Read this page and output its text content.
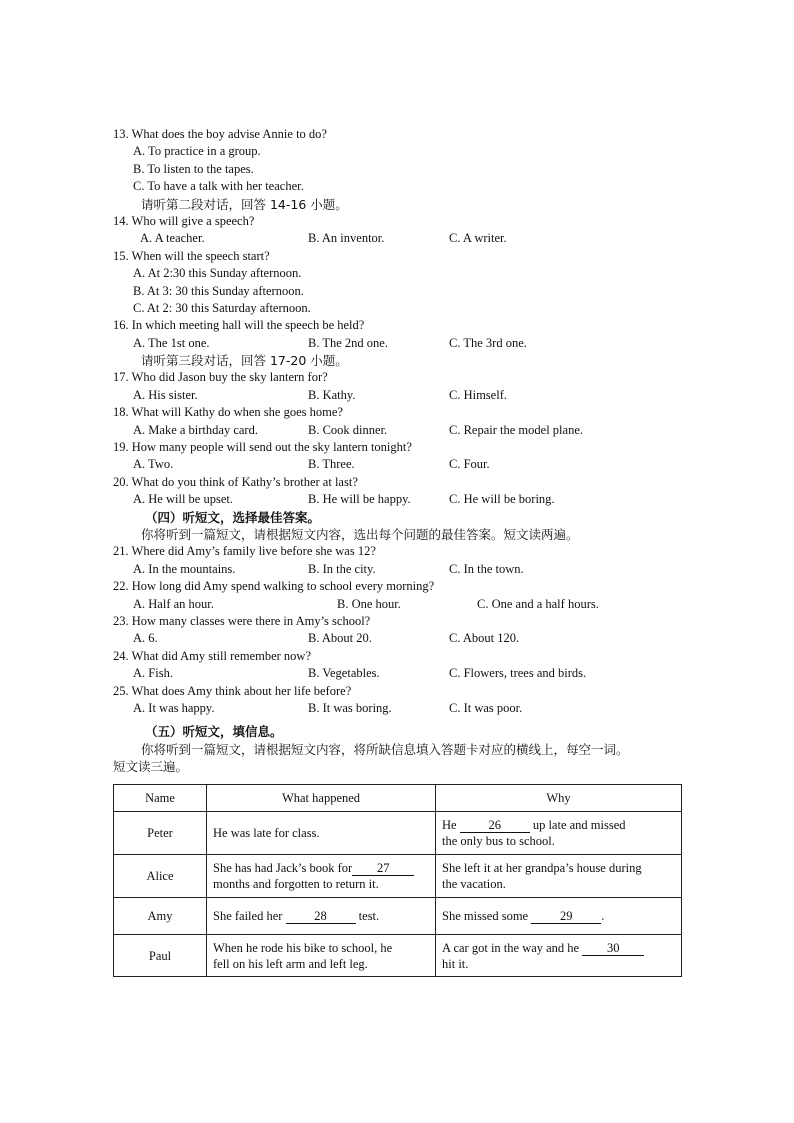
13. What does the boy advise Annie to do?
A. To practice in a group.
B. To listen to the tapes.
C. To have a talk with her teacher.
请听第二段对话，回答 14-16 小题。
14. Who will give a speech?
A. A teacher.	B. An inventor.	C. A writer.
15. When will the speech start?
A. At 2:30 this Sunday afternoon.
B. At 3: 30 this Sunday afternoon.
C. At 2: 30 this Saturday afternoon.
16. In which meeting hall will the speech be held?
A. The 1st one.	B. The 2nd one.	C. The 3rd one.
请听第三段对话，回答 17-20 小题。
17. Who did Jason buy the sky lantern for?
A. His sister.	B. Kathy.	C. Himself.
18. What will Kathy do when she goes home?
A. Make a birthday card.	B. Cook dinner.	C. Repair the model plane.
19. How many people will send out the sky lantern tonight?
A. Two.	B. Three.	C. Four.
20. What do you think of Kathy’s brother at last?
A. He will be upset.	B. He will be happy.	C. He will be boring.
（四）听短文，选择最佳答案。
你将听到一篇短文，请根据短文内容，选出每个问题的最佳答案。短文读两遍。
21. Where did Amy’s family live before she was 12?
A. In the mountains.	B. In the city.	C. In the town.
22. How long did Amy spend walking to school every morning?
A. Half an hour.	B. One hour.	C. One and a half hours.
23. How many classes were there in Amy’s school?
A. 6.	B. About 20.	C. About 120.
24. What did Amy still remember now?
A. Fish.	B. Vegetables.	C. Flowers, trees and birds.
25. What does Amy think about her life before?
A. It was happy.	B. It was boring.	C. It was poor.
（五）听短文，填信息。
你将听到一篇短文，请根据短文内容，将所缺信息填入答题卡对应的横线上，每空一词。
短文读三遍。
Name	What happened	Why
Peter	He was late for class.	He 26 up late and missed
the only bus to school.
Alice	She has had Jack’s book for 27
months and forgotten to return it.	She left it at her grandpa’s house during
the vacation.
Amy	She failed her 28 test.	She missed some 29 .
Paul	When he rode his bike to school, he
fell on his left arm and left leg.	A car got in the way and he 30
hit it.
